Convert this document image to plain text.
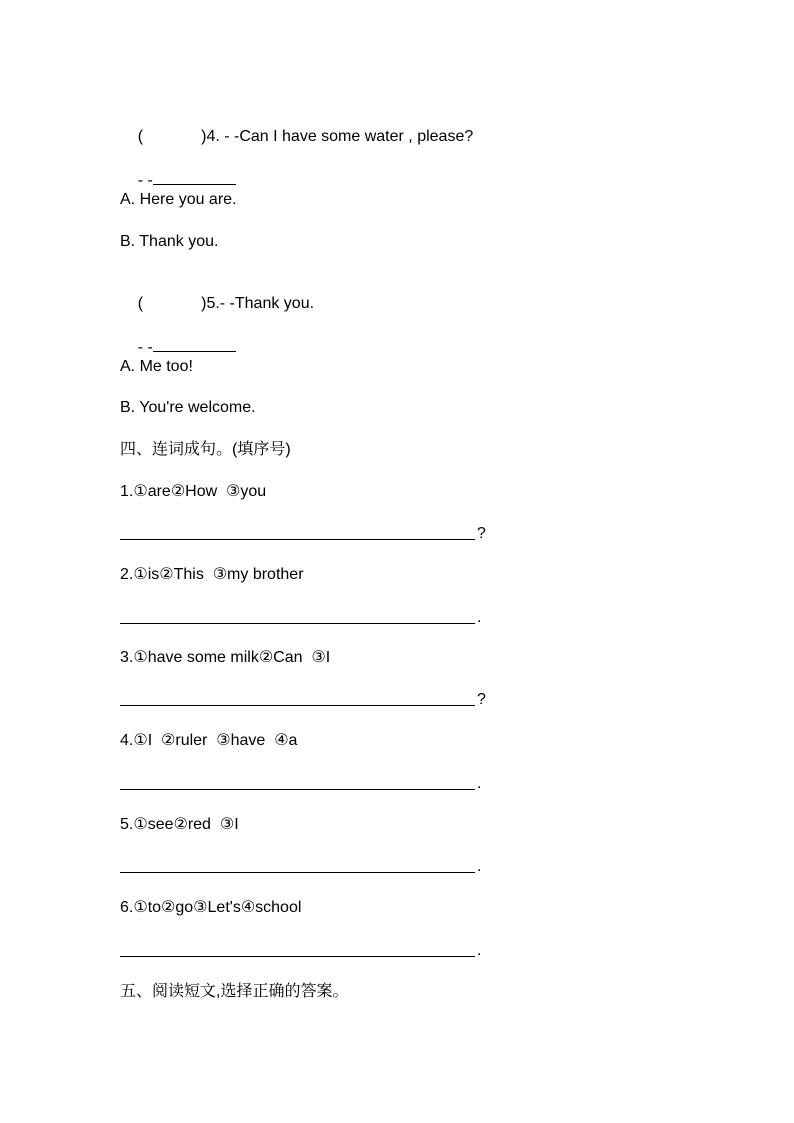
(	)4. - -Can I have some water , please?

- -

A. Here you are.
B. Thank you.

(	)5.- -Thank you.

- -

A. Me too!
B. You're welcome.
四、连词成句。(填序号)
1.①are②How  ③you
?
2.①is②This  ③my brother
.
3.①have some milk②Can  ③I
?
4.①I  ②ruler  ③have  ④a
.
5.①see②red  ③I
.
6.①to②go③Let's④school
.
五、阅读短文,选择正确的答案。
